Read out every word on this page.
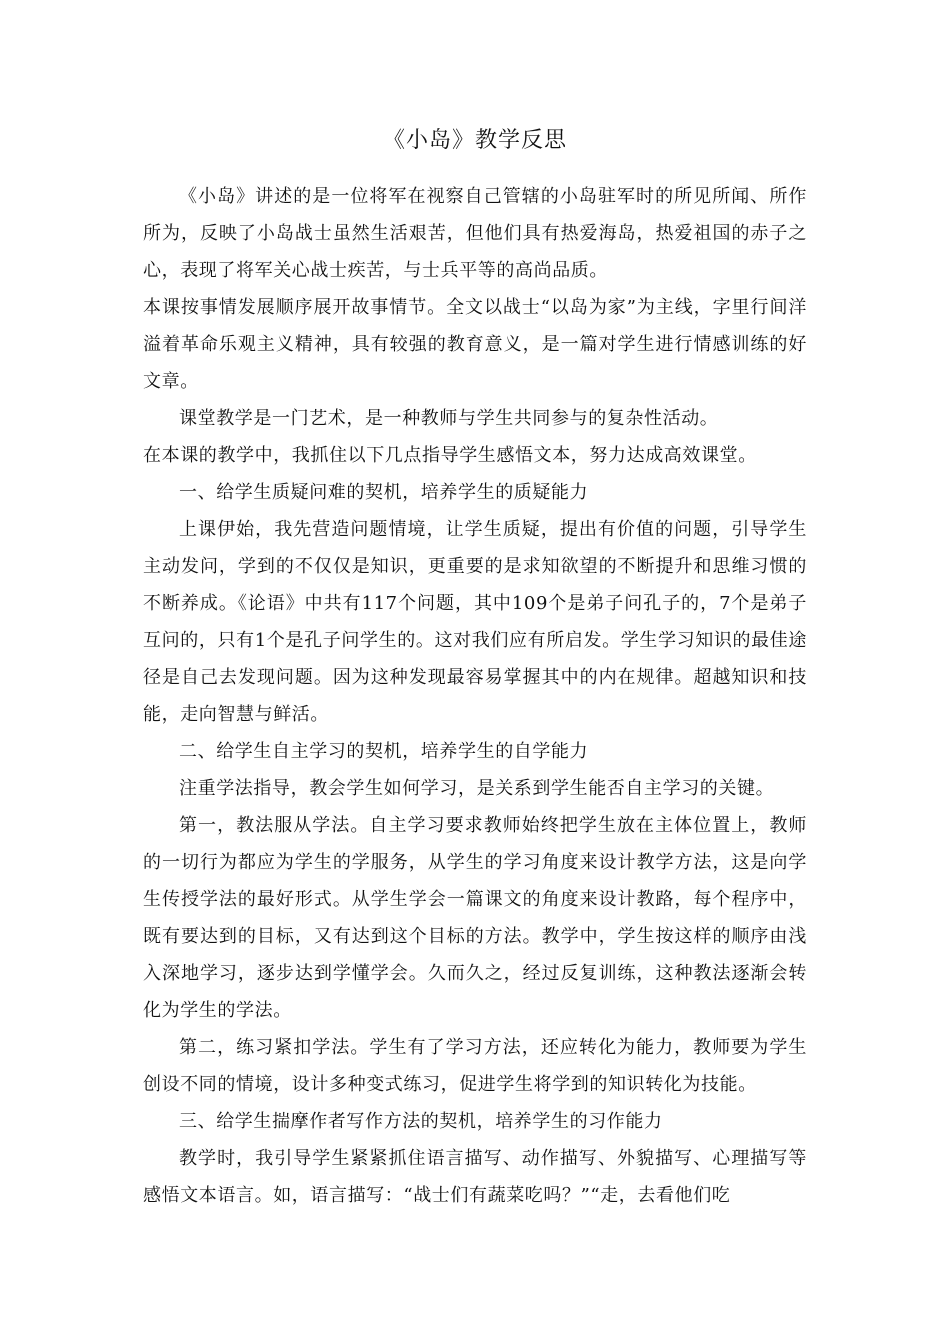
《小岛》教学反思

《小岛》讲述的是一位将军在视察自己管辖的小岛驻军时的所见所闻、所作所为，反映了小岛战士虽然生活艰苦，但他们具有热爱海岛，热爱祖国的赤子之心，表现了将军关心战士疾苦，与士兵平等的高尚品质。

本课按事情发展顺序展开故事情节。全文以战士“以岛为家”为主线，字里行间洋溢着革命乐观主义精神，具有较强的教育意义，是一篇对学生进行情感训练的好文章。

课堂教学是一门艺术，是一种教师与学生共同参与的复杂性活动。

在本课的教学中，我抓住以下几点指导学生感悟文本，努力达成高效课堂。

一、给学生质疑问难的契机，培养学生的质疑能力

上课伊始，我先营造问题情境，让学生质疑，提出有价值的问题，引导学生主动发问，学到的不仅仅是知识，更重要的是求知欲望的不断提升和思维习惯的不断养成。《论语》中共有117个问题，其中109个是弟子问孔子的，7个是弟子互问的，只有1个是孔子问学生的。这对我们应有所启发。学生学习知识的最佳途径是自己去发现问题。因为这种发现最容易掌握其中的内在规律。超越知识和技能，走向智慧与鲜活。

二、给学生自主学习的契机，培养学生的自学能力

注重学法指导，教会学生如何学习，是关系到学生能否自主学习的关键。

第一，教法服从学法。自主学习要求教师始终把学生放在主体位置上，教师的一切行为都应为学生的学服务，从学生的学习角度来设计教学方法，这是向学生传授学法的最好形式。从学生学会一篇课文的角度来设计教路，每个程序中，既有要达到的目标，又有达到这个目标的方法。教学中，学生按这样的顺序由浅入深地学习，逐步达到学懂学会。久而久之，经过反复训练，这种教法逐渐会转化为学生的学法。

第二，练习紧扣学法。学生有了学习方法，还应转化为能力，教师要为学生创设不同的情境，设计多种变式练习，促进学生将学到的知识转化为技能。

三、给学生揣摩作者写作方法的契机，培养学生的习作能力

教学时，我引导学生紧紧抓住语言描写、动作描写、外貌描写、心理描写等感悟文本语言。如，语言描写：“战士们有蔬菜吃吗？”“走，去看他们吃
